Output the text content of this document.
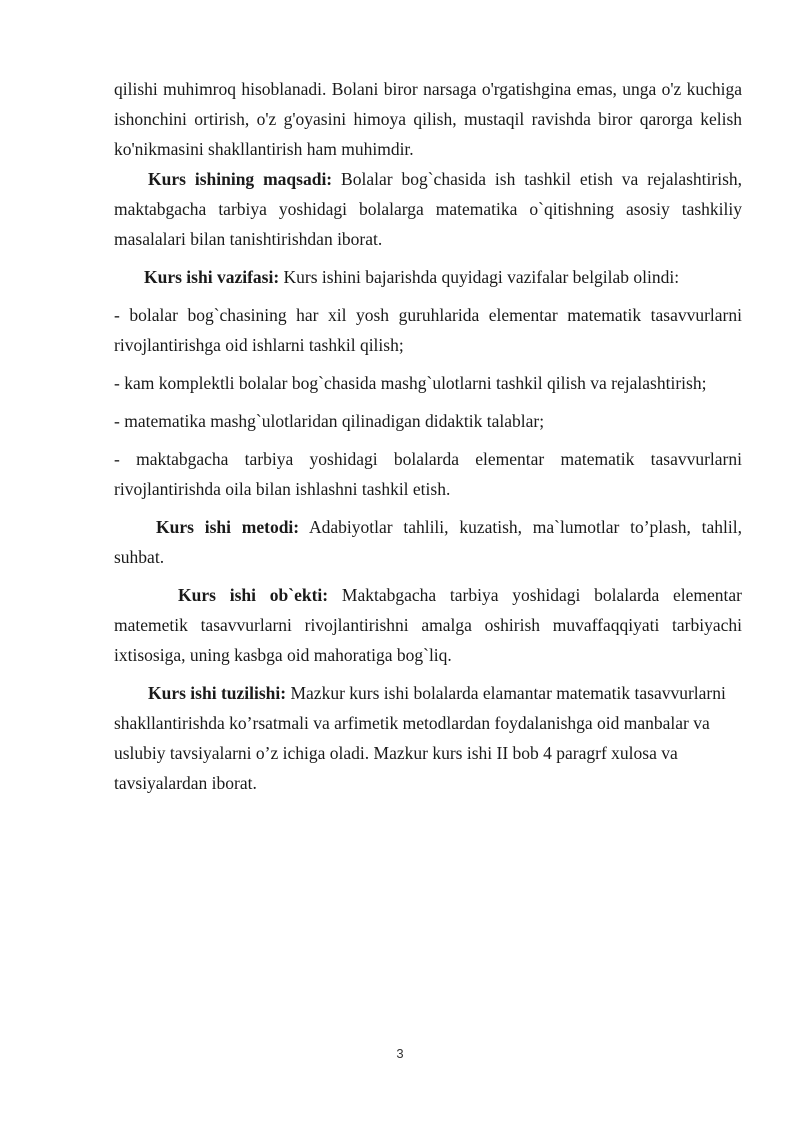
qilishi muhimroq hisoblanadi. Bolani biror narsaga o'rgatishgina emas, unga o'z kuchiga ishonchini ortirish, o'z g'oyasini himoya qilish, mustaqil ravishda biror qarorga kelish ko'nikmasini shakllantirish ham muhimdir.

Kurs ishining maqsadi: Bolalar bog`chasida ish tashkil etish va rejalashtirish, maktabgacha tarbiya yoshidagi bolalarga matematika o`qitishning asosiy tashkiliy masalalari bilan tanishtirishdan iborat.

Kurs ishi vazifasi: Kurs ishini bajarishda quyidagi vazifalar belgilab olindi:

- bolalar bog`chasining har xil yosh guruhlarida elementar matematik tasavvurlarni rivojlantirishga oid ishlarni tashkil qilish;

- kam komplektli bolalar bog`chasida mashg`ulotlarni tashkil qilish va rejalashtirish;

- matematika mashg`ulotlaridan qilinadigan didaktik talablar;

- maktabgacha tarbiya yoshidagi bolalarda elementar matematik tasavvurlarni rivojlantirishda oila bilan ishlashni tashkil etish.

Kurs ishi metodi: Adabiyotlar tahlili, kuzatish, ma`lumotlar to’plash, tahlil, suhbat.

Kurs ishi ob`ekti: Maktabgacha tarbiya yoshidagi bolalarda elementar matemetik tasavvurlarni rivojlantirishni amalga oshirish muvaffaqqiyati tarbiyachi ixtisosiga, uning kasbga oid mahoratiga bog`liq.

Kurs ishi tuzilishi: Mazkur kurs ishi bolalarda elamantar matematik tasavvurlarni shakllantirishda ko’rsatmali va arfimetik metodlardan foydalanishga oid manbalar va uslubiy tavsiyalarni o’z ichiga oladi. Mazkur kurs ishi II bob 4 paragrf xulosa va tavsiyalardan iborat.

3
